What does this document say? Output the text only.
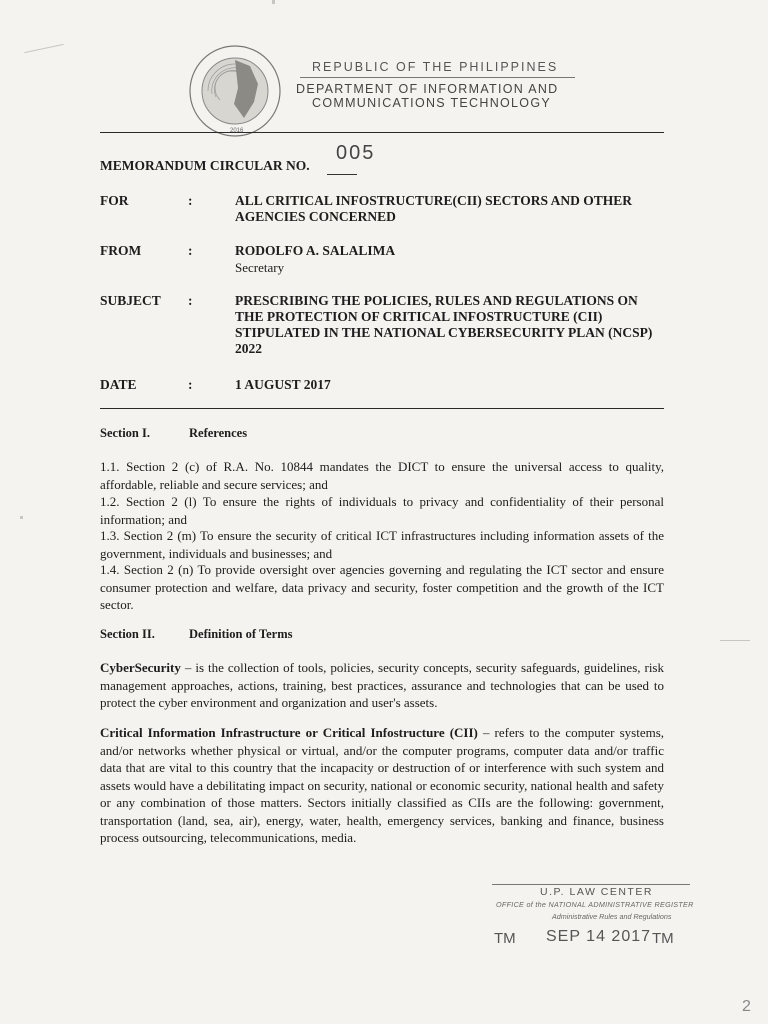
2016
REPUBLIC OF THE PHILIPPINES
DEPARTMENT OF INFORMATION AND
COMMUNICATIONS TECHNOLOGY
MEMORANDUM CIRCULAR NO.
005
FOR	:	ALL CRITICAL INFOSTRUCTURE(CII) SECTORS AND OTHER AGENCIES CONCERNED
FROM	:	RODOLFO A. SALALIMA
Secretary
SUBJECT :	PRESCRIBING THE POLICIES, RULES AND REGULATIONS ON THE PROTECTION OF CRITICAL INFOSTRUCTURE (CII) STIPULATED IN THE NATIONAL CYBERSECURITY PLAN (NCSP) 2022
DATE	:	1 AUGUST 2017
Section I.	References

1.1. Section 2 (c) of R.A. No. 10844 mandates the DICT to ensure the universal access to quality, affordable, reliable and secure services; and

1.2. Section 2 (l) To ensure the rights of individuals to privacy and confidentiality of their personal information; and

1.3. Section 2 (m) To ensure the security of critical ICT infrastructures including information assets of the government, individuals and businesses; and

1.4. Section 2 (n) To provide oversight over agencies governing and regulating the ICT sector and ensure consumer protection and welfare, data privacy and security, foster competition and the growth of the ICT sector.

Section II.	Definition of Terms

CyberSecurity – is the collection of tools, policies, security concepts, security safeguards, guidelines, risk management approaches, actions, training, best practices, assurance and technologies that can be used to protect the cyber environment and organization and user's assets.

Critical Information Infrastructure or Critical Infostructure (CII) – refers to the computer systems, and/or networks whether physical or virtual, and/or the computer programs, computer data and/or traffic data that are vital to this country that the incapacity or destruction of or interference with such system and assets would have a debilitating impact on security, national or economic security, national health and safety or any combination of those matters. Sectors initially classified as CIIs are the following: government, transportation (land, sea, air), energy, water, health, emergency services, banking and finance, business process outsourcing, telecommunications, media.

U.P. LAW CENTER
OFFICE of the NATIONAL ADMINISTRATIVE REGISTER
Administrative Rules and Regulations
TM SEP 14 2017 TM
2
